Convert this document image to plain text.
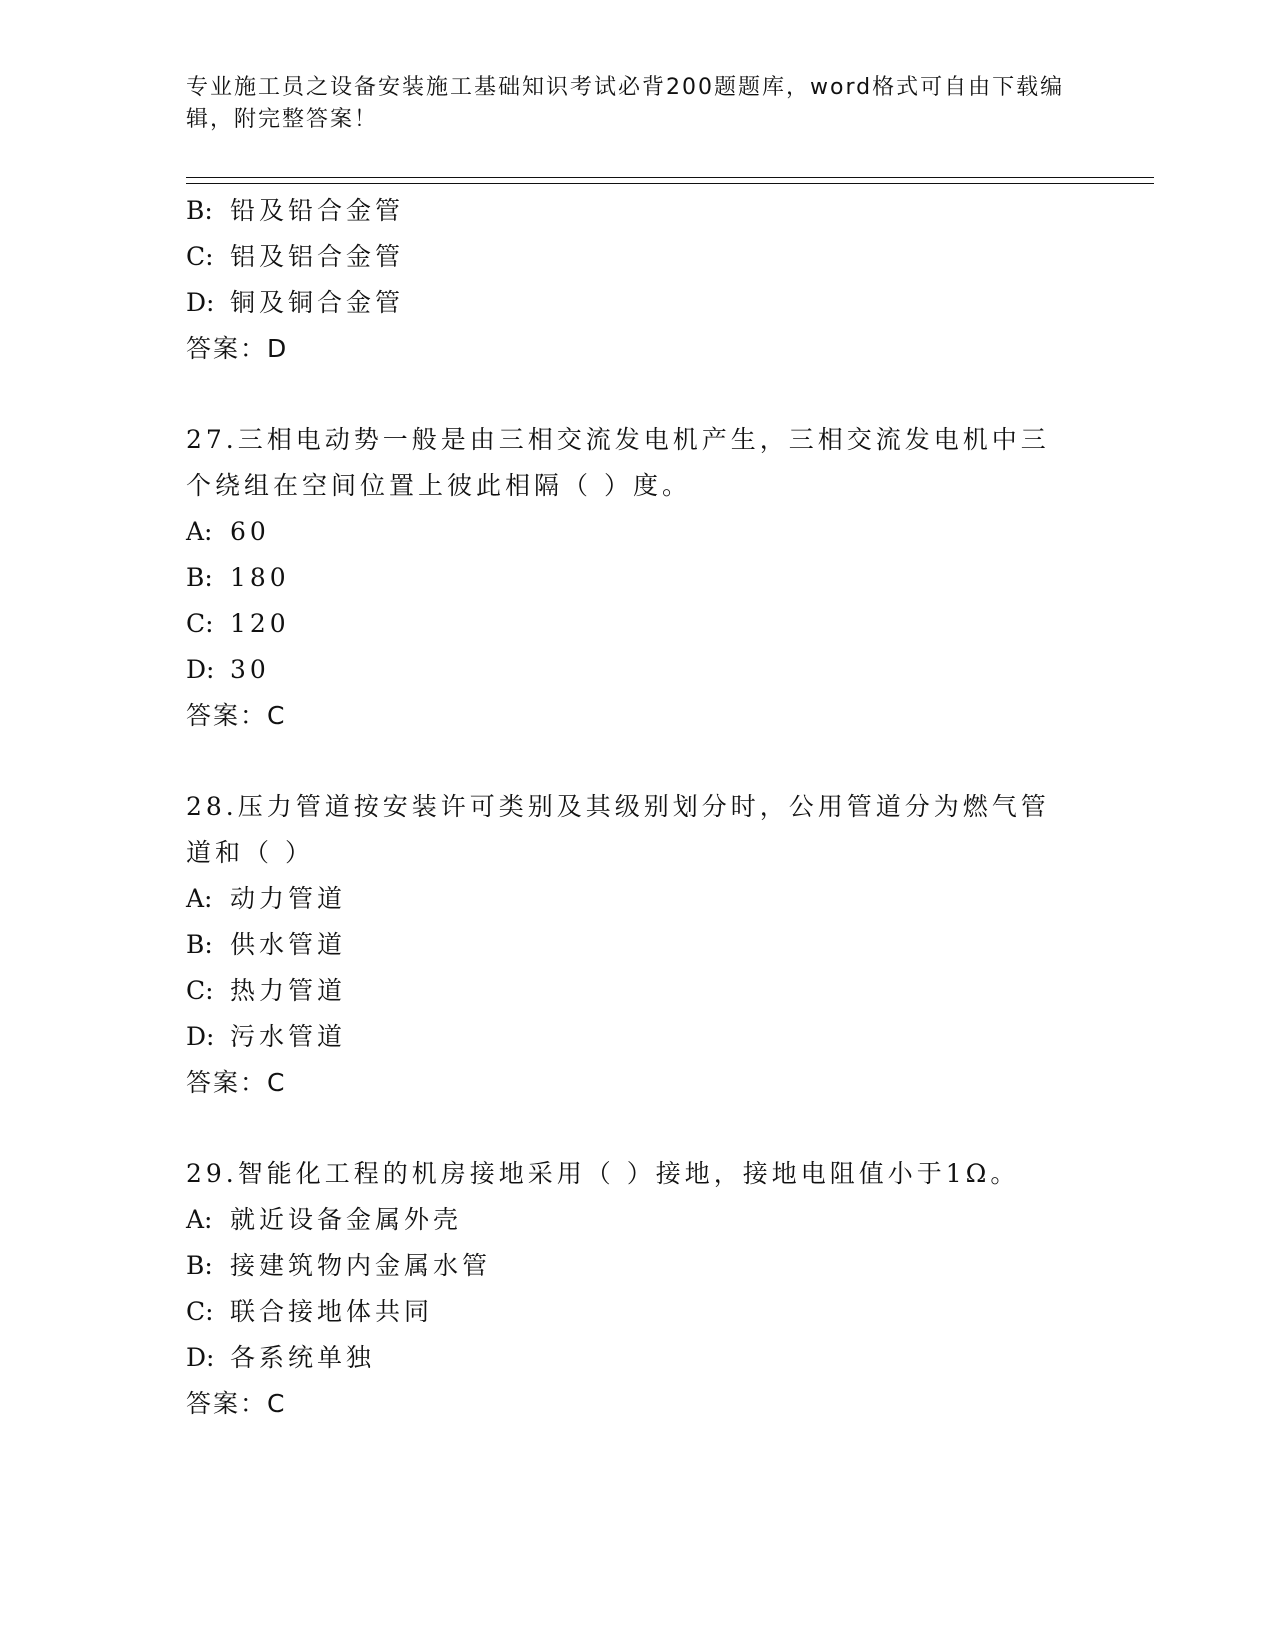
专业施工员之设备安装施工基础知识考试必背200题题库，word格式可自由下载编辑，附完整答案！
B: 铅及铅合金管
C: 铝及铝合金管
D: 铜及铜合金管
答案：D
27.三相电动势一般是由三相交流发电机产生，三相交流发电机中三个绕组在空间位置上彼此相隔（ ）度。
A: 60
B: 180
C: 120
D: 30
答案：C
28.压力管道按安装许可类别及其级别划分时，公用管道分为燃气管道和（ ）
A: 动力管道
B: 供水管道
C: 热力管道
D: 污水管道
答案：C
29.智能化工程的机房接地采用（ ）接地，接地电阻值小于1Ω。
A: 就近设备金属外壳
B: 接建筑物内金属水管
C: 联合接地体共同
D: 各系统单独
答案：C
